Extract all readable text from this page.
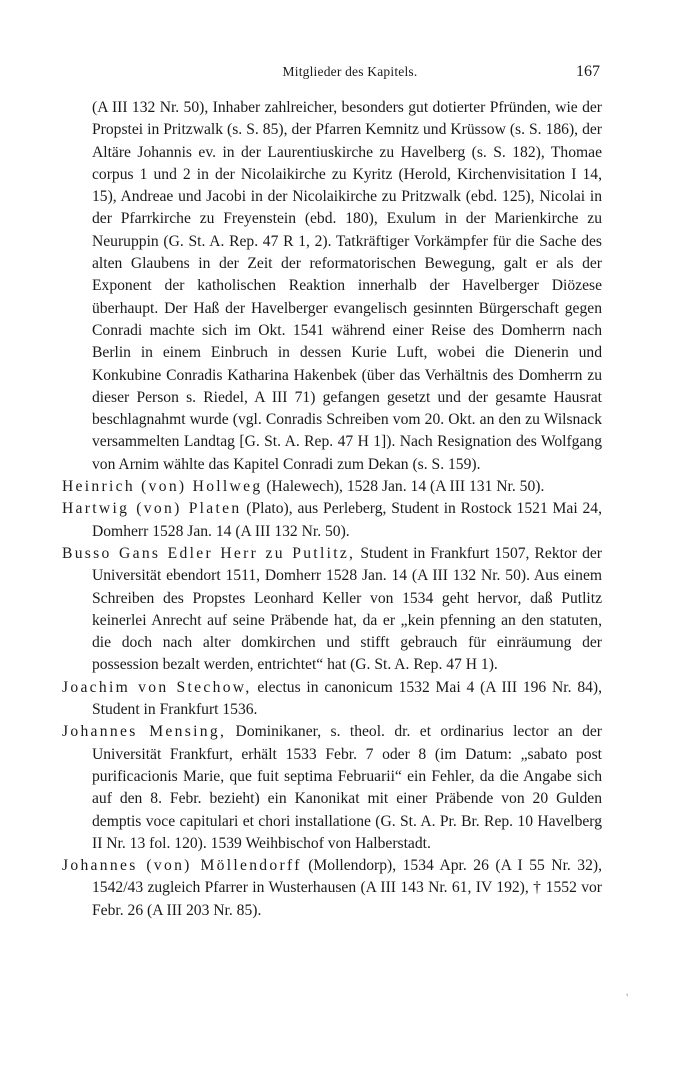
Mitglieder des Kapitels.	167

(A III 132 Nr. 50), Inhaber zahlreicher, besonders gut dotierter Pfründen, wie der Propstei in Pritzwalk (s. S. 85), der Pfarren Kemnitz und Krüssow (s. S. 186), der Altäre Johannis ev. in der Laurentiuskirche zu Havelberg (s. S. 182), Thomae corpus 1 und 2 in der Nicolaikirche zu Kyritz (Herold, Kirchenvisitation I 14, 15), Andreae und Jacobi in der Nicolaikirche zu Pritzwalk (ebd. 125), Nicolai in der Pfarrkirche zu Freyenstein (ebd. 180), Exulum in der Marienkirche zu Neuruppin (G. St. A. Rep. 47 R 1, 2). Tatkräftiger Vorkämpfer für die Sache des alten Glaubens in der Zeit der reformatorischen Bewegung, galt er als der Exponent der katholischen Reaktion innerhalb der Havelberger Diözese überhaupt. Der Haß der Havelberger evangelisch gesinnten Bürgerschaft gegen Conradi machte sich im Okt. 1541 während einer Reise des Domherrn nach Berlin in einem Einbruch in dessen Kurie Luft, wobei die Dienerin und Konkubine Conradis Katharina Hakenbek (über das Verhältnis des Domherrn zu dieser Person s. Riedel, A III 71) gefangen gesetzt und der gesamte Hausrat beschlagnahmt wurde (vgl. Conradis Schreiben vom 20. Okt. an den zu Wilsnack versammelten Landtag [G. St. A. Rep. 47 H 1]). Nach Resignation des Wolfgang von Arnim wählte das Kapitel Conradi zum Dekan (s. S. 159).

Heinrich (von) Hollweg (Halewech), 1528 Jan. 14 (A III 131 Nr. 50).

Hartwig (von) Platen (Plato), aus Perleberg, Student in Rostock 1521 Mai 24, Domherr 1528 Jan. 14 (A III 132 Nr. 50).

Busso Gans Edler Herr zu Putlitz, Student in Frankfurt 1507, Rektor der Universität ebendort 1511, Domherr 1528 Jan. 14 (A III 132 Nr. 50). Aus einem Schreiben des Propstes Leonhard Keller von 1534 geht hervor, daß Putlitz keinerlei Anrecht auf seine Präbende hat, da er „kein pfenning an den statuten, die doch nach alter domkirchen und stifft gebrauch für einräumung der possession bezalt werden, entrichtet“ hat (G. St. A. Rep. 47 H 1).

Joachim von Stechow, electus in canonicum 1532 Mai 4 (A III 196 Nr. 84), Student in Frankfurt 1536.

Johannes Mensing, Dominikaner, s. theol. dr. et ordinarius lector an der Universität Frankfurt, erhält 1533 Febr. 7 oder 8 (im Datum: „sabato post purificacionis Marie, que fuit septima Februarii“ ein Fehler, da die Angabe sich auf den 8. Febr. bezieht) ein Kanonikat mit einer Präbende von 20 Gulden demptis voce capitulari et chori installatione (G. St. A. Pr. Br. Rep. 10 Havelberg II Nr. 13 fol. 120). 1539 Weihbischof von Halberstadt.

Johannes (von) Möllendorff (Mollendorp), 1534 Apr. 26 (A I 55 Nr. 32), 1542/43 zugleich Pfarrer in Wusterhausen (A III 143 Nr. 61, IV 192), † 1552 vor Febr. 26 (A III 203 Nr. 85).

′
